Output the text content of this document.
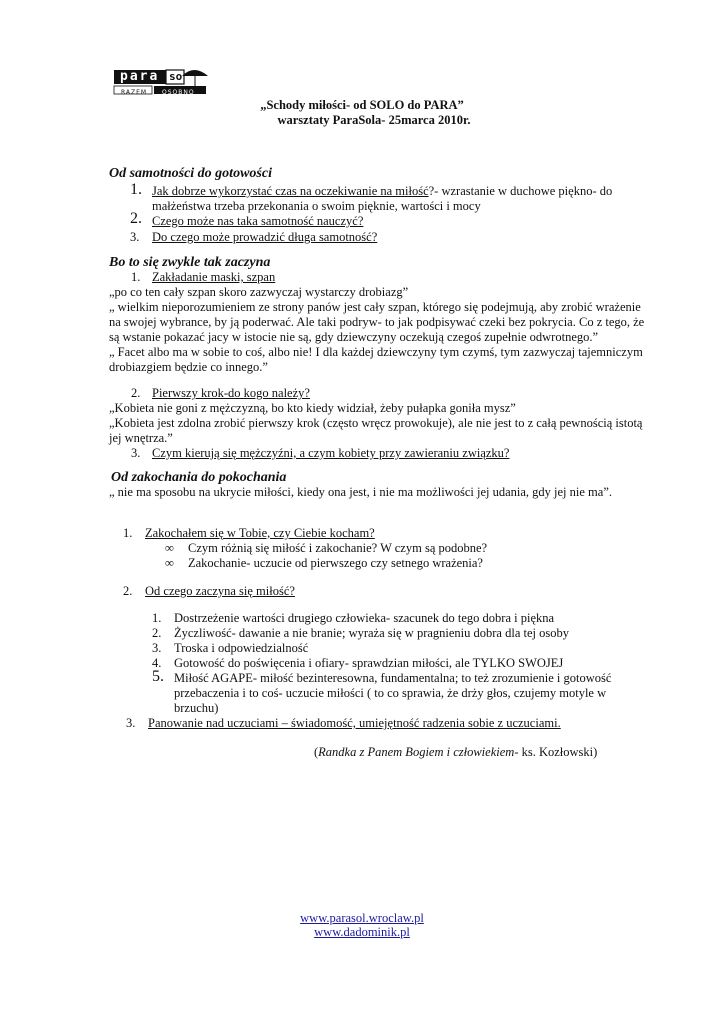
para so
RAZEM OSOBNO
„Schody miłości- od SOLO do PARA”
warsztaty ParaSola- 25marca 2010r.
Od samotności do gotowości
1. Jak dobrze wykorzystać czas na oczekiwanie na miłość?- wzrastanie w duchowe piękno- do
małżeństwa trzeba przekonania o swoim pięknie, wartości i mocy
2. Czego może nas taka samotność nauczyć?
3. Do czego może prowadzić długa samotność?
Bo to się zwykle tak zaczyna
1. Zakładanie maski, szpan
„po co ten cały szpan skoro zazwyczaj wystarczy drobiazg”
„ wielkim nieporozumieniem ze strony panów jest cały szpan, którego się podejmują, aby zrobić wrażenie
na swojej wybrance, by ją poderwać. Ale taki podryw- to jak podpisywać czeki bez pokrycia. Co z tego, że
są wstanie pokazać jacy w istocie nie są, gdy dziewczyny oczekują czegoś zupełnie odwrotnego.”
„ Facet albo ma w sobie to coś, albo nie! I dla każdej dziewczyny tym czymś, tym zazwyczaj tajemniczym
drobiazgiem będzie co innego.”
2. Pierwszy krok-do kogo należy?
„Kobieta nie goni z mężczyzną, bo kto kiedy widział, żeby pułapka goniła mysz”
„Kobieta jest zdolna zrobić pierwszy krok (często wręcz prowokuje), ale nie jest to z całą pewnością istotą
jej wnętrza.”
3. Czym kierują się mężczyźni, a czym kobiety przy zawieraniu związku?
Od zakochania do pokochania
„ nie ma sposobu na ukrycie miłości, kiedy ona jest, i nie ma możliwości jej udania, gdy jej nie ma”.
1. Zakochałem się w Tobie, czy Ciebie kocham?
∞ Czym różnią się miłość i zakochanie? W czym są podobne?
∞ Zakochanie- uczucie od pierwszego czy setnego wrażenia?
2. Od czego zaczyna się miłość?
1. Dostrzeżenie wartości drugiego człowieka- szacunek do tego dobra i piękna
2. Życzliwość- dawanie a nie branie; wyraża się w pragnieniu dobra dla tej osoby
3. Troska i odpowiedzialność
4. Gotowość do poświęcenia i ofiary- sprawdzian miłości, ale TYLKO SWOJEJ
5. Miłość AGAPE- miłość bezinteresowna, fundamentalna; to też zrozumienie i gotowość
przebaczenia i to coś- uczucie miłości ( to co sprawia, że drży głos, czujemy motyle w
brzuchu)
3. Panowanie nad uczuciami – świadomość, umiejętność radzenia sobie z uczuciami.
(Randka z Panem Bogiem i człowiekiem- ks. Kozłowski)
www.parasol.wroclaw.pl
www.dadominik.pl
